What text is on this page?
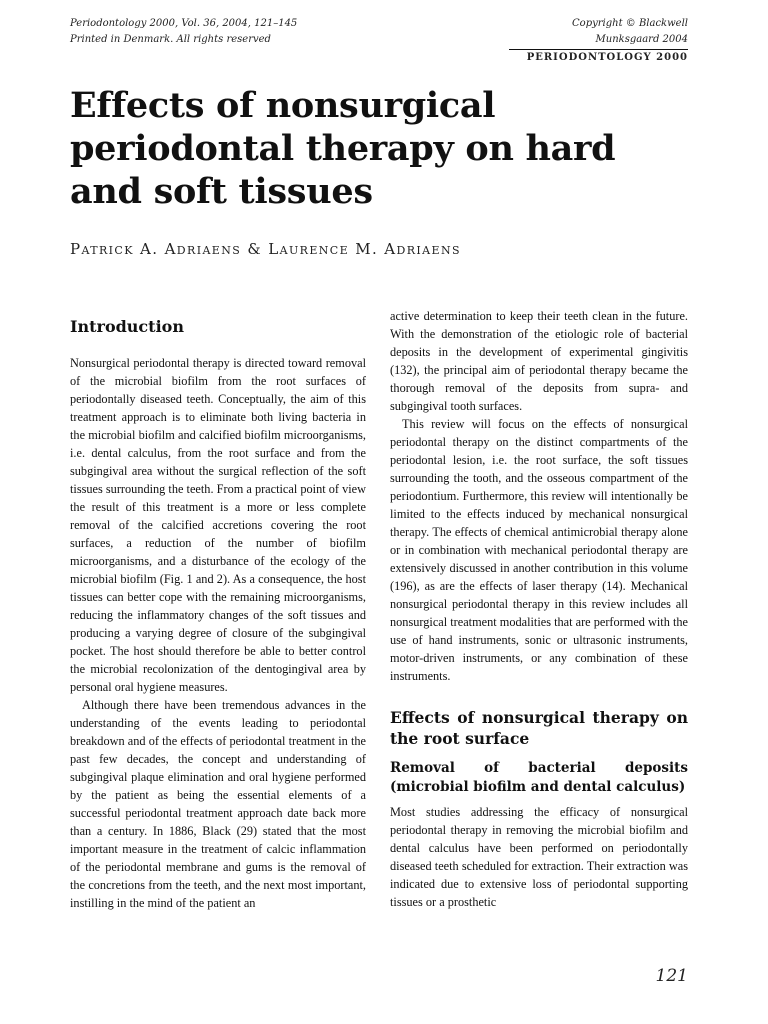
Periodontology 2000, Vol. 36, 2004, 121–145
Printed in Denmark. All rights reserved
Copyright © Blackwell Munksgaard 2004
PERIODONTOLOGY 2000
Effects of nonsurgical periodontal therapy on hard and soft tissues
Patrick A. Adriaens & Laurence M. Adriaens
Introduction

Nonsurgical periodontal therapy is directed toward removal of the microbial biofilm from the root surfaces of periodontally diseased teeth. Conceptually, the aim of this treatment approach is to eliminate both living bacteria in the microbial biofilm and calcified biofilm microorganisms, i.e. dental calculus, from the root surface and from the subgingival area without the surgical reflection of the soft tissues surrounding the teeth. From a practical point of view the result of this treatment is a more or less complete removal of the calcified accretions covering the root surfaces, a reduction of the number of biofilm microorganisms, and a disturbance of the ecology of the microbial biofilm (Fig. 1 and 2). As a consequence, the host tissues can better cope with the remaining microorganisms, reducing the inflammatory changes of the soft tissues and producing a varying degree of closure of the subgingival pocket. The host should therefore be able to better control the microbial recolonization of the dentogingival area by personal oral hygiene measures.

Although there have been tremendous advances in the understanding of the events leading to periodontal breakdown and of the effects of periodontal treatment in the past few decades, the concept and understanding of subgingival plaque elimination and oral hygiene performed by the patient as being the essential elements of a successful periodontal treatment approach date back more than a century. In 1886, Black (29) stated that the most important measure in the treatment of calcic inflammation of the periodontal membrane and gums is the removal of the concretions from the teeth, and the next most important, instilling in the mind of the patient an

active determination to keep their teeth clean in the future. With the demonstration of the etiologic role of bacterial deposits in the development of experimental gingivitis (132), the principal aim of periodontal therapy became the thorough removal of the deposits from supra- and subgingival tooth surfaces.

This review will focus on the effects of nonsurgical periodontal therapy on the distinct compartments of the periodontal lesion, i.e. the root surface, the soft tissues surrounding the tooth, and the osseous compartment of the periodontium. Furthermore, this review will intentionally be limited to the effects induced by mechanical nonsurgical therapy. The effects of chemical antimicrobial therapy alone or in combination with mechanical periodontal therapy are extensively discussed in another contribution in this volume (196), as are the effects of laser therapy (14). Mechanical nonsurgical periodontal therapy in this review includes all nonsurgical treatment modalities that are performed with the use of hand instruments, sonic or ultrasonic instruments, motor-driven instruments, or any combination of these instruments.

Effects of nonsurgical therapy on the root surface
Removal of bacterial deposits (microbial biofilm and dental calculus)

Most studies addressing the efficacy of nonsurgical periodontal therapy in removing the microbial biofilm and dental calculus have been performed on periodontally diseased teeth scheduled for extraction. Their extraction was indicated due to extensive loss of periodontal supporting tissues or a prosthetic

121
